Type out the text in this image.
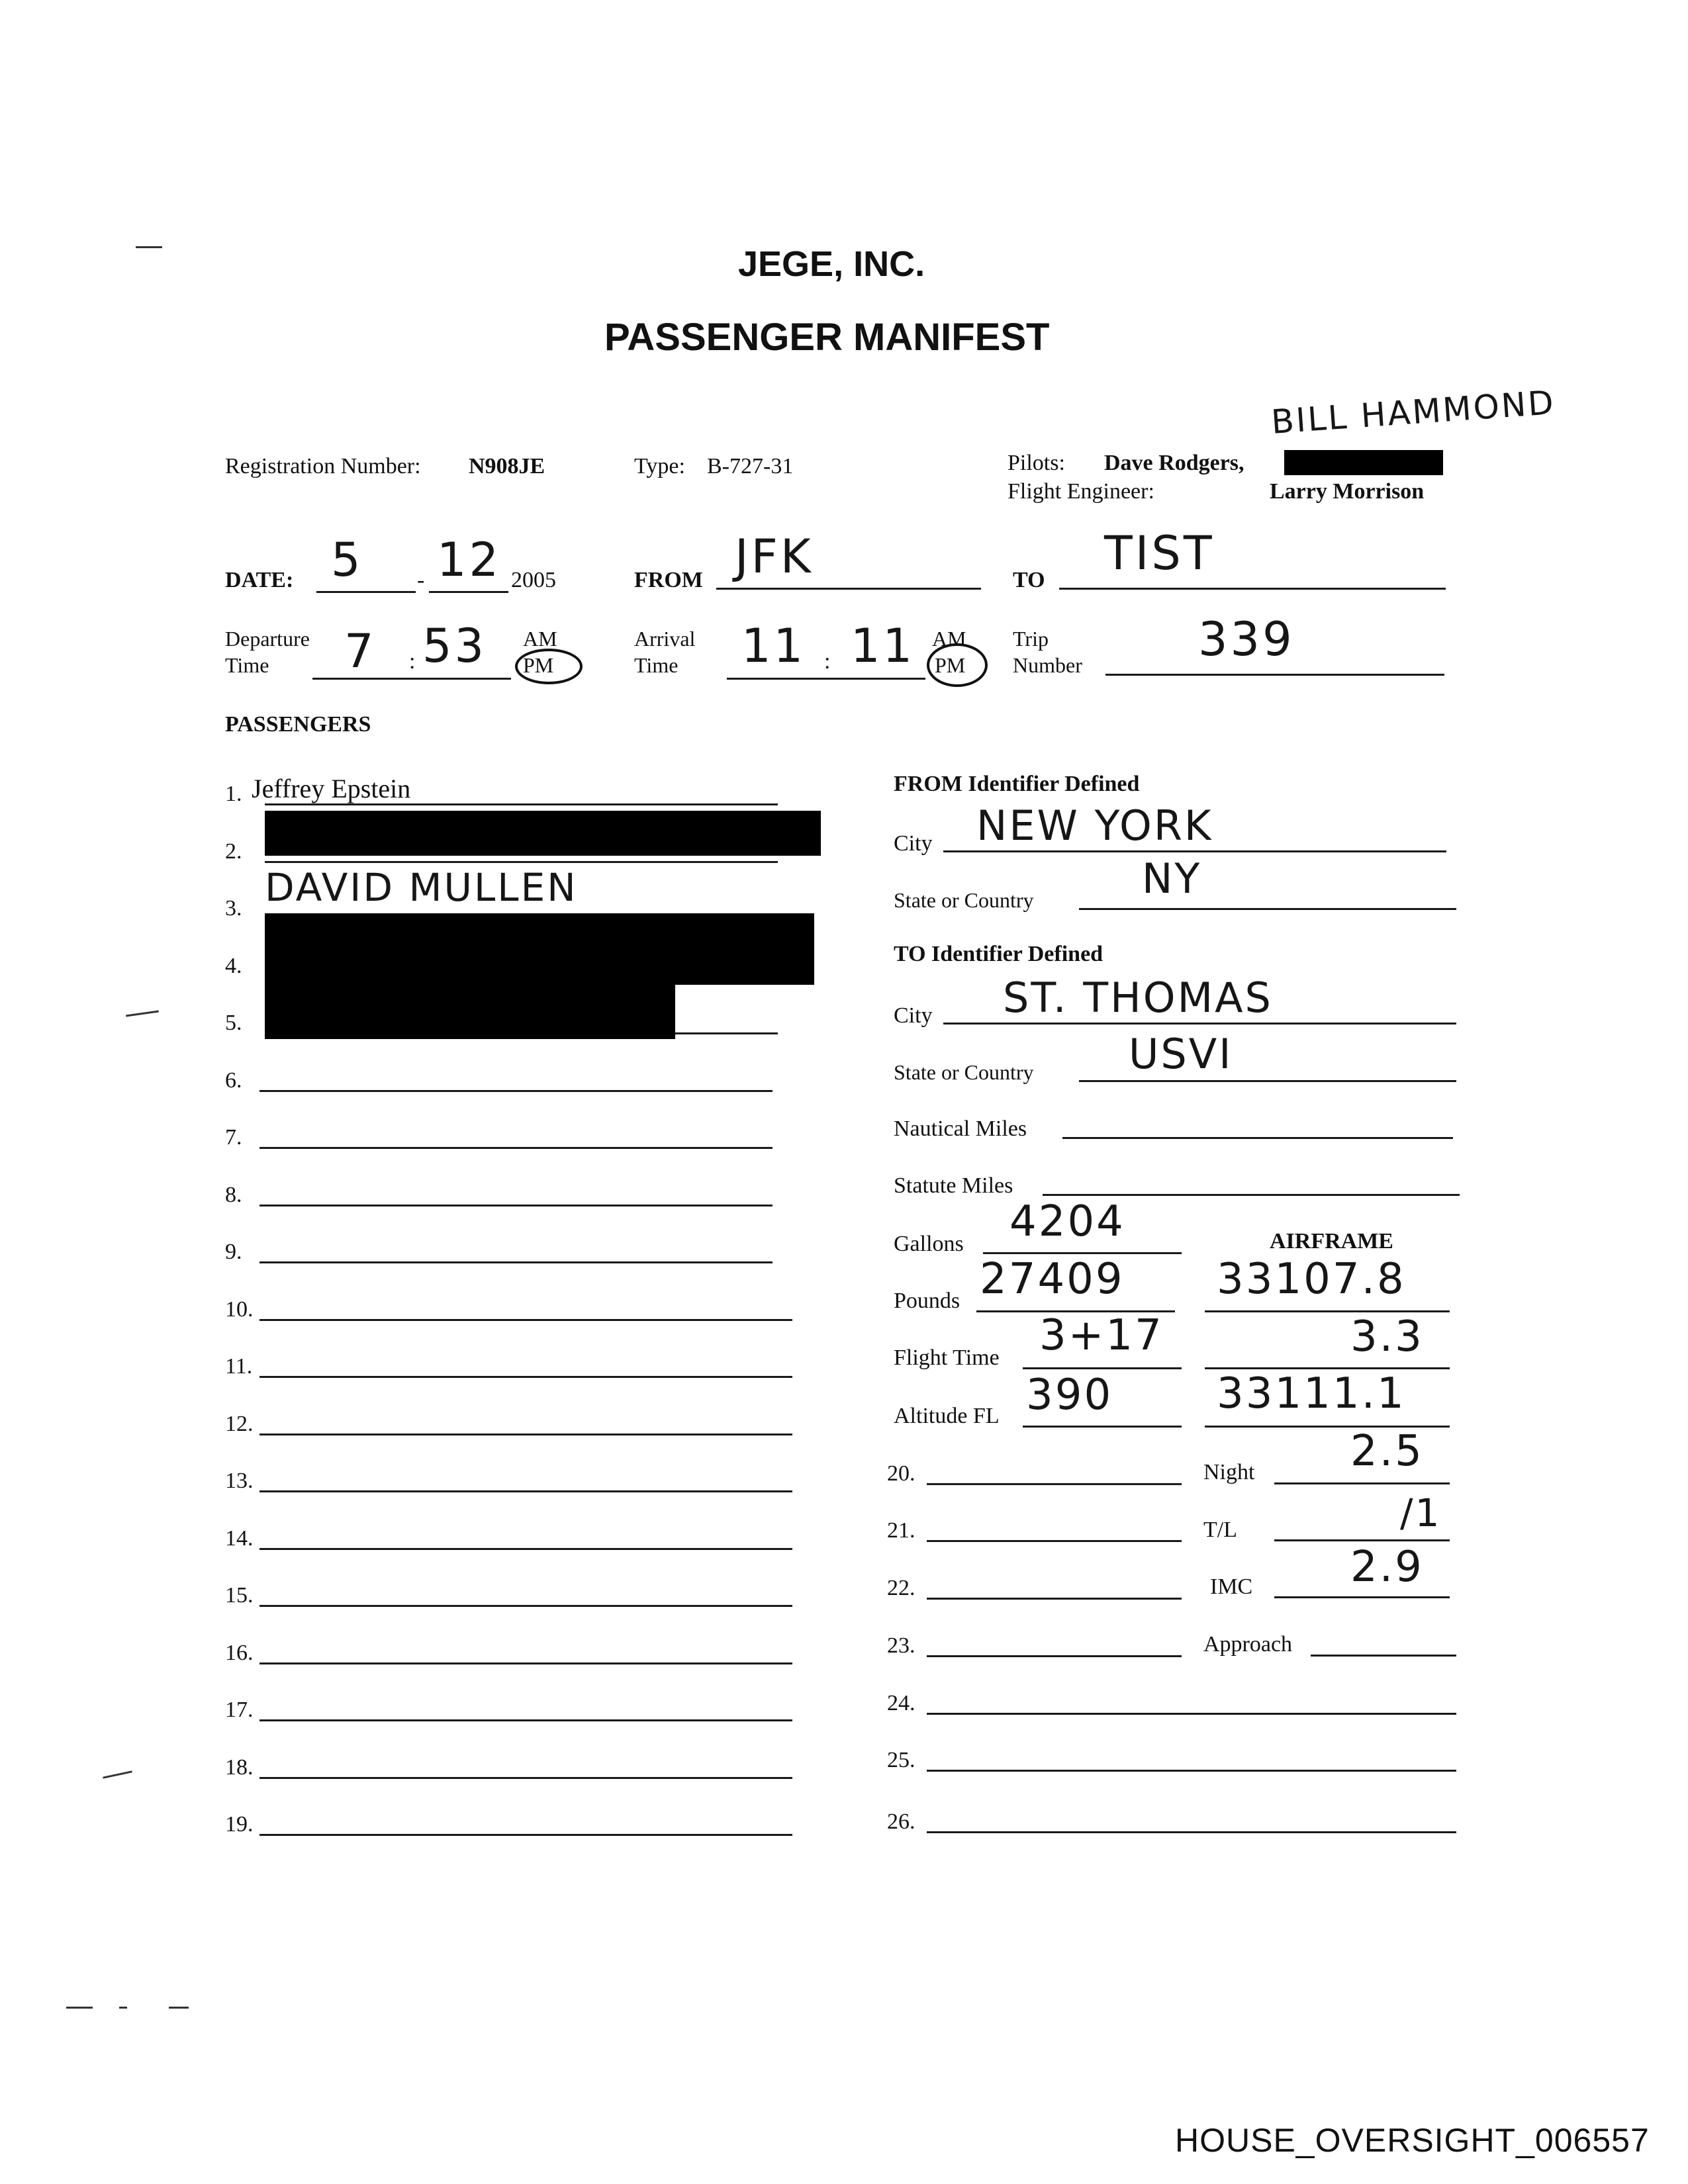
JEGE, INC.
PASSENGER MANIFEST
Registration Number: N908JE	Type: B-727-31	Pilots: Dave Rodgers,
BILL HAMMOND
Flight Engineer:	Larry Morrison
DATE: 5 - 12 2005	FROM JFK	TO TIST
Departure
Time 7 : 53 AM
PM
Arrival
Time 11 : 11 AM
PM
Trip
Number	339
PASSENGERS
1. Jeffrey Epstein
2.
3. DAVID MULLEN
4.
5.
6.
7.
8.
9.
10.
11.
12.
13.
14.
15.
16.
17.
18.
19.
FROM Identifier Defined
City NEW YORK
State or Country	NY
TO Identifier Defined
City ST. THOMAS
State or Country USVI
Nautical Miles
Statute Miles
Gallons 4204	AIRFRAME
Pounds 27409 33107.8
Flight Time 3+17	3.3
Altitude FL 390 33111.1
Night 2.5
T/L	/1
IMC 2.9
Approach
20.
21.
22.
23.
24.
25.
26.
HOUSE_OVERSIGHT_006557
